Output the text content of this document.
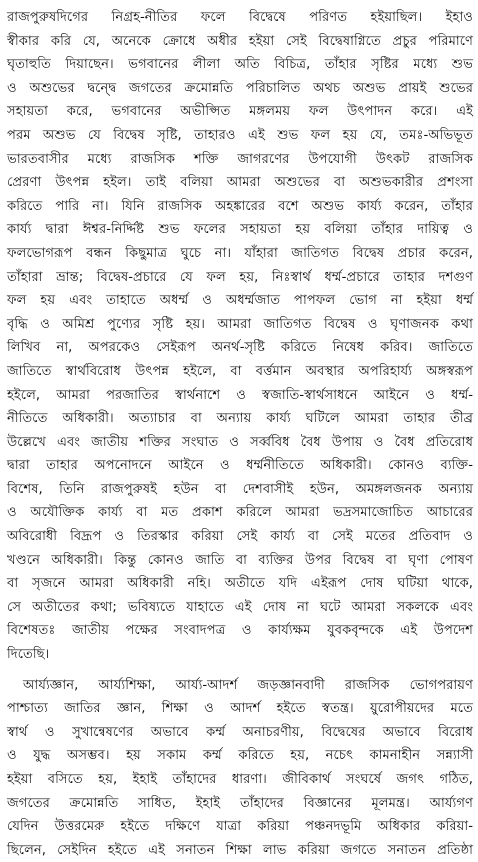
রাজপুরুষদিগের নিগ্রহ-নীতির ফলে বিদ্বেষে পরিণত হইয়াছিল। ইহাও
স্বীকার করি যে, অনেকে ক্রোধে অধীর হইয়া সেই বিদ্বেষাগ্নিতে প্রচুর পরিমাণে
ঘৃতাহুতি দিয়াছেন। ভগবানের লীলা অতি বিচিত্র, তাঁহার সৃষ্টির মধ্যে শুভ
ও অশুভের দ্বন্দ্বে জগতের ক্রমোন্নতি পরিচালিত অথচ অশুভ প্রায়ই শুভের
সহায়তা করে, ভগবানের অভীপ্সিত মঙ্গলময় ফল উৎপাদন করে। এই
পরম অশুভ যে বিদ্বেষ সৃষ্টি, তাহারও এই শুভ ফল হয় যে, তমঃ-অভিভূত
ভারতবাসীর মধ্যে রাজসিক শক্তি জাগরণের উপযোগী উৎকট রাজসিক
প্রেরণা উৎপন্ন হইল। তাই বলিয়া আমরা অশুভের বা অশুভকারীর প্রশংসা
করিতে পারি না। যিনি রাজসিক অহঙ্কারের বশে অশুভ কার্য্য করেন, তাঁহার
কার্য্য দ্বারা ঈশ্বর-নির্দ্দিষ্ট শুভ ফলের সহায়তা হয় বলিয়া তাঁহার দায়িত্ব ও
ফলভোগরূপ বন্ধন কিছুমাত্র ঘুচে না। যাঁহারা জাতিগত বিদ্বেষ প্রচার করেন,
তাঁহারা ভ্রান্ত; বিদ্বেষ-প্রচারে যে ফল হয়, নিঃস্বার্থ ধর্ম্ম-প্রচারে তাহার দশগুণ
ফল হয় এবং তাহাতে অধর্ম্ম ও অধর্ম্মজাত পাপফল ভোগ না হইয়া ধর্ম্ম
বৃদ্ধি ও অমিশ্র পুণ্যের সৃষ্টি হয়। আমরা জাতিগত বিদ্বেষ ও ঘৃণাজনক কথা
লিখিব না, অপরকেও সেইরূপ অনর্থ-সৃষ্টি করিতে নিষেধ করিব। জাতিতে
জাতিতে স্বার্থবিরোধ উৎপন্ন হইলে, বা বর্ত্তমান অবস্থার অপরিহার্য্য অঙ্গস্বরূপ
হইলে, আমরা পরজাতির স্বার্থনাশে ও স্বজাতি-স্বার্থসাধনে আইনে ও ধর্ম্ম-
নীতিতে অধিকারী। অত্যাচার বা অন্যায় কার্য্য ঘটিলে আমরা তাহার তীব্র
উল্লেখে এবং জাতীয় শক্তির সংঘাত ও সর্ব্ববিধ বৈধ উপায় ও বৈধ প্রতিরোধ
দ্বারা তাহার অপনোদনে আইনে ও ধর্ম্মনীতিতে অধিকারী। কোনও ব্যক্তি-
বিশেষ, তিনি রাজপুরুষই হউন বা দেশবাসীই হউন, অমঙ্গলজনক অন্যায়
ও অযৌক্তিক কার্য্য বা মত প্রকাশ করিলে আমরা ভদ্রসমাজোচিত আচারের
অবিরোধী বিদ্রূপ ও তিরস্কার করিয়া সেই কার্য্য বা সেই মতের প্রতিবাদ ও
খণ্ডনে অধিকারী। কিন্তু কোনও জাতি বা ব্যক্তির উপর বিদ্বেষ বা ঘৃণা পোষণ
বা সৃজনে আমরা অধিকারী নহি। অতীতে যদি এইরূপ দোষ ঘটিয়া থাকে,
সে অতীতের কথা; ভবিষ্যতে যাহাতে এই দোষ না ঘটে আমরা সকলকে এবং
বিশেষতঃ জাতীয় পক্ষের সংবাদপত্র ও কার্য্যক্ষম যুবকবৃন্দকে এই উপদেশ
দিতেছি।
আর্য্যজ্ঞান, আর্য্যশিক্ষা, আর্য্য-আদর্শ জড়জ্ঞানবাদী রাজসিক ভোগপরায়ণ
পাশ্চাত্য জাতির জ্ঞান, শিক্ষা ও আদর্শ হইতে স্বতন্ত্র। য়ুরোপীয়দের মতে
স্বার্থ ও সুখান্বেষণের অভাবে কর্ম্ম অনাচরণীয়, বিদ্বেষের অভাবে বিরোধ
ও যুদ্ধ অসম্ভব। হয় সকাম কর্ম্ম করিতে হয়, নচেৎ কামনাহীন সন্ন্যাসী
হইয়া বসিতে হয়, ইহাই তাঁহাদের ধারণা। জীবিকার্থ সংঘর্ষে জগৎ গঠিত,
জগতের ক্রমোন্নতি সাধিত, ইহাই তাঁহাদের বিজ্ঞানের মূলমন্ত্র। আর্য্যগণ
যেদিন উত্তরমেরু হইতে দক্ষিণে যাত্রা করিয়া পঞ্চনদভূমি অধিকার করিয়া-
ছিলেন, সেইদিন হইতে এই সনাতন শিক্ষা লাভ করিয়া জগতে সনাতন প্রতিষ্ঠা
